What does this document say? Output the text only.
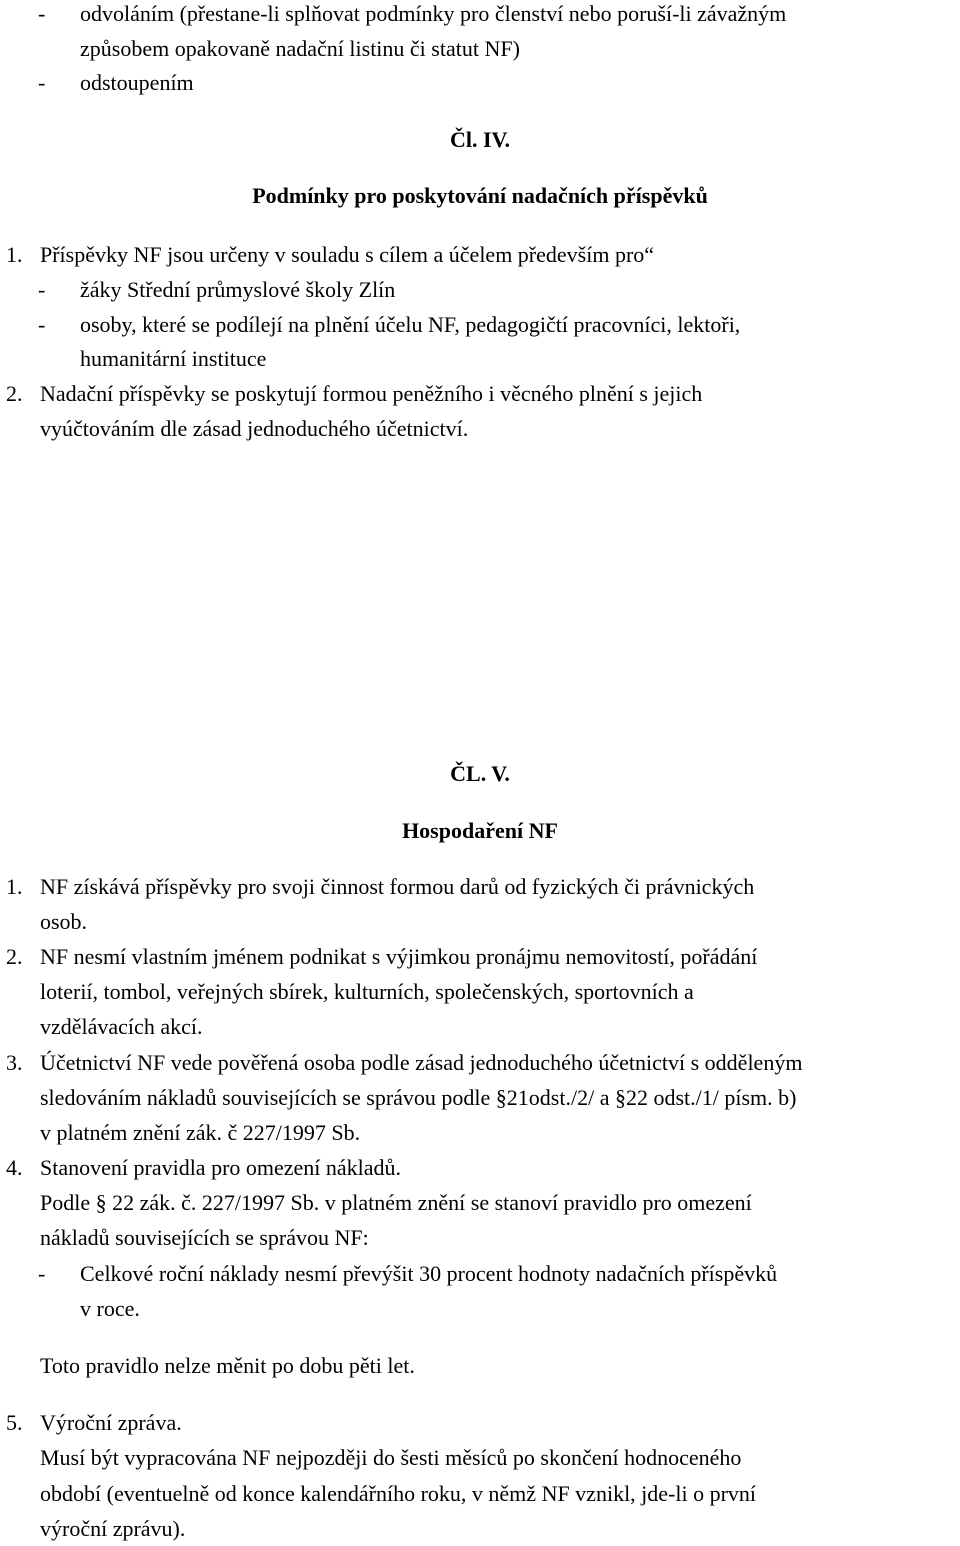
- odvoláním (přestane-li splňovat podmínky pro členství nebo poruší-li závažným
způsobem opakovaně nadační listinu či statut NF)
- odstoupením
Čl. IV.
Podmínky pro poskytování nadačních příspěvků
1. Příspěvky NF jsou určeny v souladu s cílem a účelem především pro“
- žáky Střední průmyslové školy Zlín
- osoby, které se podílejí na plnění účelu NF, pedagogičtí pracovníci, lektoři,
humanitární instituce
2. Nadační příspěvky se poskytují formou peněžního i věcného plnění s jejich
vyúčtováním dle zásad jednoduchého účetnictví.
ČL. V.
Hospodaření NF
1. NF získává příspěvky pro svoji činnost formou darů od fyzických či právnických
osob.
2. NF nesmí vlastním jménem podnikat s výjimkou pronájmu nemovitostí, pořádání
loterií, tombol, veřejných sbírek, kulturních, společenských, sportovních a
vzdělávacích akcí.
3. Účetnictví NF vede pověřená osoba podle zásad jednoduchého účetnictví s odděleným
sledováním nákladů souvisejících se správou podle §21odst./2/ a §22 odst./1/ písm. b)
v platném znění zák. č 227/1997 Sb.
4. Stanovení pravidla pro omezení nákladů.
Podle § 22 zák. č. 227/1997 Sb. v platném znění se stanoví pravidlo pro omezení
nákladů souvisejících se správou NF:
- Celkové roční náklady nesmí převýšit 30 procent hodnoty nadačních příspěvků
v roce.
Toto pravidlo nelze měnit po dobu pěti let.
5. Výroční zpráva.
Musí být vypracována NF nejpozději do šesti měsíců po skončení hodnoceného
období (eventuelně od konce kalendářního roku, v němž NF vznikl, jde-li o první
výroční zprávu).
